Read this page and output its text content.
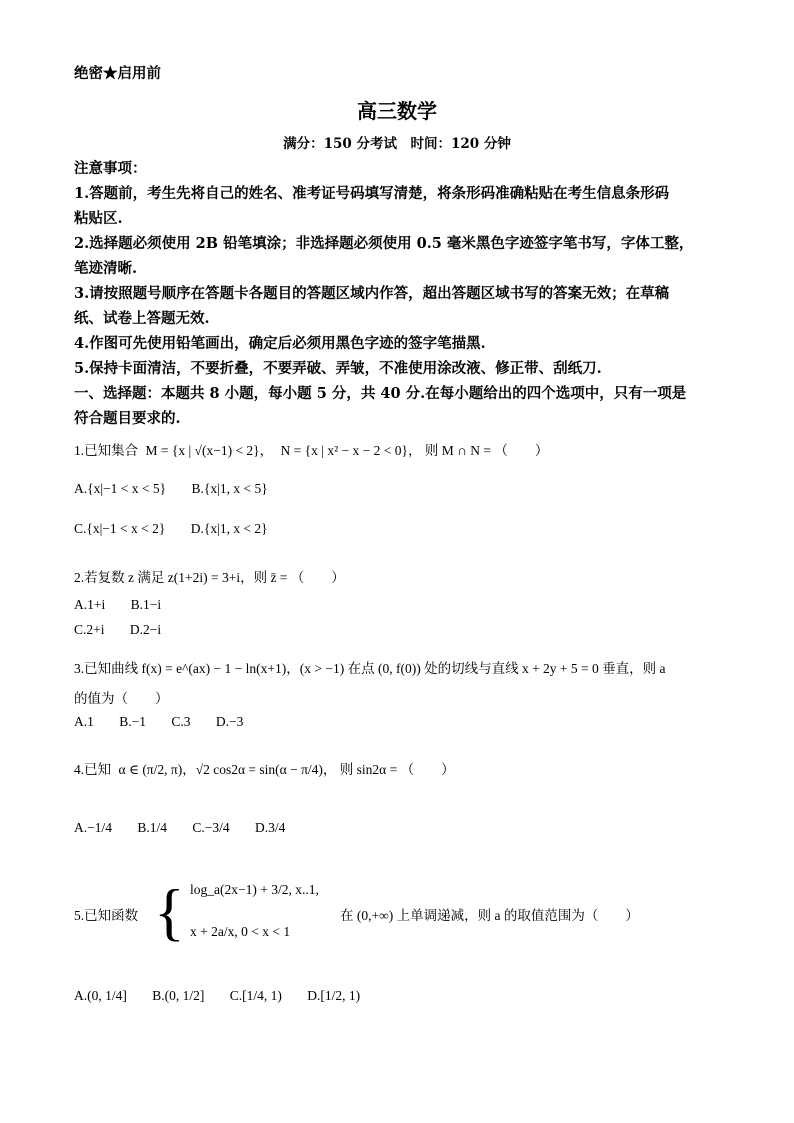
绝密★启用前
高三数学
满分：150 分考试　时间：120 分钟
注意事项：
1.答题前，考生先将自己的姓名、准考证号码填写清楚，将条形码准确粘贴在考生信息条形码
粘贴区.
2.选择题必须使用 2B 铅笔填涂；非选择题必须使用 0.5 毫米黑色字迹签字笔书写，字体工整，
笔迹清晰.
3.请按照题号顺序在答题卡各题目的答题区域内作答，超出答题区域书写的答案无效；在草稿
纸、试卷上答题无效.
4.作图可先使用铅笔画出，确定后必须用黑色字迹的签字笔描黑.
5.保持卡面清洁，不要折叠，不要弄破、弄皱，不准使用涂改液、修正带、刮纸刀.
一、选择题：本题共 8 小题，每小题 5 分，共 40 分.在每小题给出的四个选项中，只有一项是
符合题目要求的.
1.已知集合 M = {x | √(x−1) < 2}， N = {x | x² − x − 2 < 0}， 则 M ∩ N = （　　）
A.{x|−1 < x < 5} B.{x|1, x < 5}
C.{x|−1 < x < 2} D.{x|1, x < 2}
2.若复数 z 满足 z(1+2i) = 3+i，则 z̄ = （　　）
A.1+i B.1−i
C.2+i D.2−i
3.已知曲线 f(x) = e^(ax) − 1 − ln(x+1)，(x > −1) 在点 (0, f(0)) 处的切线与直线 x + 2y + 5 = 0 垂直，则 a
的值为（　　）
A.1 B.−1 C.3 D.−3
4.已知 α ∈ (π/2, π)，√2 cos2α = sin(α − π/4)， 则 sin2α = （　　）
A.−1/4 B.1/4 C.−3/4 D.3/4
5.已知函数 { log_a(2x−1) + 3/2, x..1,
x + 2a/x, 0 < x < 1
在 (0,+∞) 上单调递减，则 a 的取值范围为（　　）
A.(0, 1/4] B.(0, 1/2] C.[1/4, 1) D.[1/2, 1)
